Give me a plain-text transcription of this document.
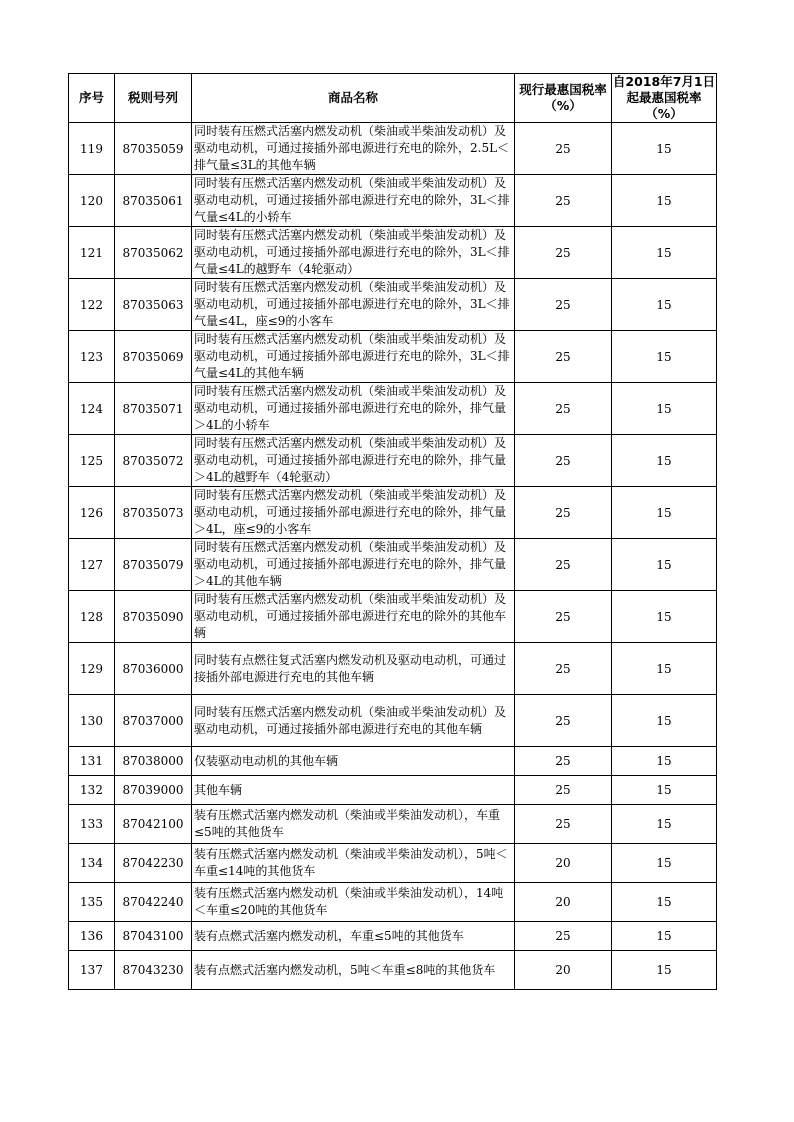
序号	税则号列	商品名称	现行最惠国税率（%）	自2018年7月1日起最惠国税率（%）
119	87035059	同时装有压燃式活塞内燃发动机（柴油或半柴油发动机）及驱动电动机，可通过接插外部电源进行充电的除外，2.5L＜排气量≤3L的其他车辆	25	15
120	87035061	同时装有压燃式活塞内燃发动机（柴油或半柴油发动机）及驱动电动机，可通过接插外部电源进行充电的除外，3L＜排气量≤4L的小轿车	25	15
121	87035062	同时装有压燃式活塞内燃发动机（柴油或半柴油发动机）及驱动电动机，可通过接插外部电源进行充电的除外，3L＜排气量≤4L的越野车（4轮驱动）	25	15
122	87035063	同时装有压燃式活塞内燃发动机（柴油或半柴油发动机）及驱动电动机，可通过接插外部电源进行充电的除外，3L＜排气量≤4L，座≤9的小客车	25	15
123	87035069	同时装有压燃式活塞内燃发动机（柴油或半柴油发动机）及驱动电动机，可通过接插外部电源进行充电的除外，3L＜排气量≤4L的其他车辆	25	15
124	87035071	同时装有压燃式活塞内燃发动机（柴油或半柴油发动机）及驱动电动机，可通过接插外部电源进行充电的除外，排气量＞4L的小轿车	25	15
125	87035072	同时装有压燃式活塞内燃发动机（柴油或半柴油发动机）及驱动电动机，可通过接插外部电源进行充电的除外，排气量＞4L的越野车（4轮驱动）	25	15
126	87035073	同时装有压燃式活塞内燃发动机（柴油或半柴油发动机）及驱动电动机，可通过接插外部电源进行充电的除外，排气量＞4L，座≤9的小客车	25	15
127	87035079	同时装有压燃式活塞内燃发动机（柴油或半柴油发动机）及驱动电动机，可通过接插外部电源进行充电的除外，排气量＞4L的其他车辆	25	15
128	87035090	同时装有压燃式活塞内燃发动机（柴油或半柴油发动机）及驱动电动机，可通过接插外部电源进行充电的除外的其他车辆	25	15
129	87036000	同时装有点燃往复式活塞内燃发动机及驱动电动机，可通过接插外部电源进行充电的其他车辆	25	15
130	87037000	同时装有压燃式活塞内燃发动机（柴油或半柴油发动机）及驱动电动机，可通过接插外部电源进行充电的其他车辆	25	15
131	87038000	仅装驱动电动机的其他车辆	25	15
132	87039000	其他车辆	25	15
133	87042100	装有压燃式活塞内燃发动机（柴油或半柴油发动机），车重≤5吨的其他货车	25	15
134	87042230	装有压燃式活塞内燃发动机（柴油或半柴油发动机），5吨＜车重≤14吨的其他货车	20	15
135	87042240	装有压燃式活塞内燃发动机（柴油或半柴油发动机），14吨＜车重≤20吨的其他货车	20	15
136	87043100	装有点燃式活塞内燃发动机，车重≤5吨的其他货车	25	15
137	87043230	装有点燃式活塞内燃发动机，5吨＜车重≤8吨的其他货车	20	15
